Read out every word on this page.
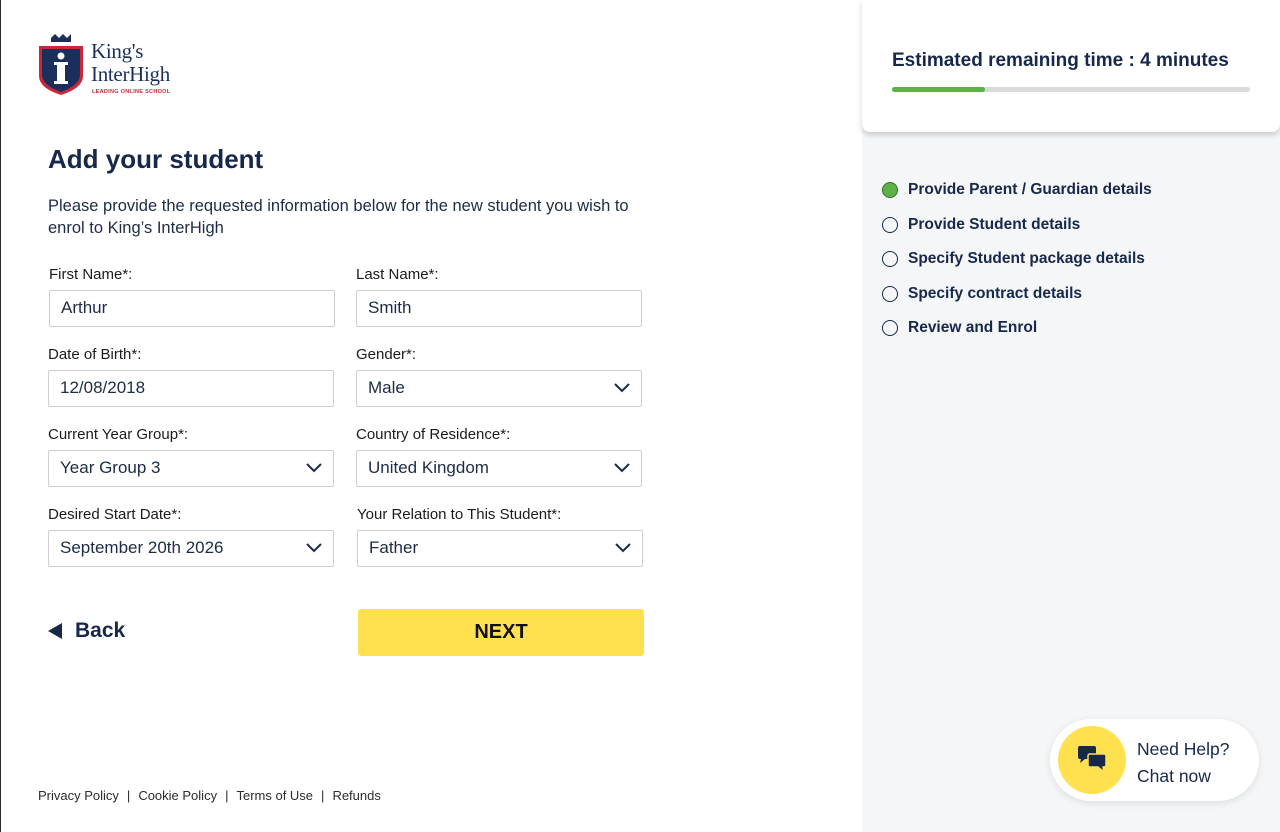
King's
InterHigh
LEADING ONLINE SCHOOL
Add your student

Please provide the requested information below for the new student you wish to enrol to King’s InterHigh

First Name*:
Arthur
Last Name*:
Smith
Date of Birth*:
12/08/2018
Gender*:
Male
Current Year Group*:
Year Group 3
Country of Residence*:
United Kingdom
Desired Start Date*:
September 20th 2026
Your Relation to This Student*:
Father
Back	NEXT
Privacy Policy | Cookie Policy | Terms of Use | Refunds
Estimated remaining time : 4 minutes
Provide Parent / Guardian details
Provide Student details
Specify Student package details
Specify contract details
Review and Enrol
Need Help?
Chat now
